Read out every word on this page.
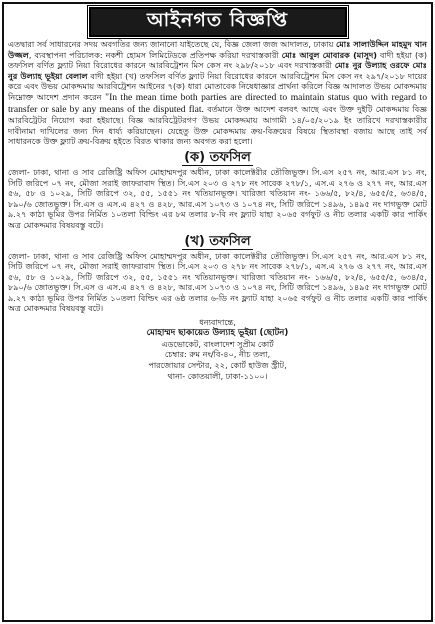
আইনগত বিজ্ঞপ্তি

এতদ্বারা সর্ব সাধারনের সদয় অবগতির জন্য জানানো যাইতেছে যে, বিজ্ঞ জেলা জজ আদালত, ঢাকায় মোঃ সালাউদ্দিন মাহমুদ খান উজ্জল, ব্যবস্থাপনা পরিচালক: নকশী হোমস লিমিটেডকে প্রতিপক্ষ করিয়া দরখাস্তকারী মোঃ আবুল মোবারক (মাসুদ) বাদী হইয়া (ক) তফসিল বর্ণিত ফ্ল্যাট নিয়া বিরোধের কারনে আরবিট্রেশন মিস কেস নং ২৯৮/২০১৮ এবং দরখাস্তকারী মোঃ নুর উল্যাহ ওরফে মোঃ নুর উল্যাহ ভূইয়া বেলাল বাদী হইয়া (খ) তফসিল বর্ণিত ফ্ল্যাট নিয়া বিরোধের কারনে আরবিট্রেশন মিস কেস নং ২৯৭/২০১৮ দায়ের করে এবং উভয় মোকদ্দমায় আরবিট্রেশন আইনের ৭(ক) ধারা মোতাবেক নিষেধাজ্ঞার প্রার্থনা করিলে বিজ্ঞ আদালত উভয় মোকদ্দমায় নিম্নোক্ত আদেশ প্রদান করেন "In the mean time both parties are directed to maintain status quo with regard to transfer or sale by any means of the disputed flat. বর্তমানে উক্ত আদেশ বলবৎ আছে এবং উক্ত দুইটি মোকদ্দমায় বিজ্ঞ আরবিট্রেটর নিয়োগ করা হইয়াছে। বিজ্ঞ আরবিট্রেটরগণ উভয় মোকদ্দমায় আগামী ১৪/০৫/২০১৯ ইং তারিখে দরখাস্তকারীর দাবীনামা দাখিলের জন্য দিন ধার্য্য করিয়াছেন। যেহেতু উক্ত মোকদ্দমায় ক্রয়-বিক্রয়ের বিষয়ে স্থিতাবস্থা বজায় আছে তাই সর্ব সাধারনকে উক্ত ফ্ল্যাট ক্রয়-বিক্রয় হইতে বিরত থাকার জন্য অবগত করা হলো।

(ক) তফসিল

জেলা- ঢাকা, থানা ও সাব রেজিষ্ট্রি অফিস মোহাম্মদপুর অধীন, ঢাকা কালেক্টরীর তৌজিভুক্ত। সি.এস ২৫৭ নং, আর.এস ৮১ নং, সিটি জরিপে ০৭ নং, মৌজা সরাই জাফরাবাদ স্থিত। সি.এস ২০৩ ও ২৭৮ নং সাবেক ২৭৮/১, এস.এ ২৭৬ ও ২৭৭ নং, আর.এস ৫৬, ৫৮ ও ১০২৯, সিটি জরিপে ৩২, ৫৫, ১৫৫১ নং খতিয়ানভূক্ত। খারিজা খতিয়ান নং- ১৬৬/৫, ৮২/৪, ৬৫৫/৫, ৬৩৪/৫, ৮৯০/৬ জোতভুক্ত। সি.এস ও এস.এ ৪২৭ ও ৪২৮, আর.এস ১০৭৩ ও ১০৭৪ নং, সিটি জরিপে ১৪৯৬, ১৪৯৫ নং দাগভুক্ত মোট ৯.২৭ কাঠা ভূমির উপর নির্মিত ১০তলা বিল্ডিং এর ৮ম তলার ৮-বি নং ফ্ল্যাট যাহা ২০৬৫ বর্গফুট ও নীচ তলার একটি কার পার্কিং অত্র মোকদ্দমার বিষয়বস্তু বটে।

(খ) তফসিল

জেলা- ঢাকা, থানা ও সাব রেজিষ্ট্রি অফিস মোহাম্মদপুর অধীন, ঢাকা কালেক্টরীর তৌজিভুক্ত। সি.এস ২৫৭ নং, আর.এস ৮১ নং, সিটি জরিপে ০৭ নং, মৌজা সরাই জাফরাবাদ স্থিত। সি.এস ২০৩ ও ২৭৮ নং সাবেক ২৭৮/১, এস.এ ২৭৬ ও ২৭৭ নং, আর.এস ৫৬, ৫৮ ও ১০২৯, সিটি জরিপে ৩২, ৫৫, ১৫৫১ নং খতিয়ানভূক্ত। খারিজা খতিয়ান নং- ১৬৬/৫, ৮২/৪, ৬৫৫/৫, ৬৩৪/৫, ৮৯০/৬ জোতভুক্ত। সি.এস ও এস.এ ৪২৭ ও ৪২৮, আর.এস ১০৭৩ ও ১০৭৪ নং, সিটি জরিপে ১৪৯৬, ১৪৯৫ নং দাগভুক্ত মোট ৯.২৭ কাঠা ভূমির উপর নির্মিত ১০তলা বিল্ডিং এর ৬ষ্ঠ তলার ৬-ডি নং ফ্ল্যাট যাহা ২০৬৫ বর্গফুট ও নীচ তলার একটি কার পার্কিং অত্র মোকদ্দমার বিষয়বস্তু বটে।

ধন্যবাদান্তে,
মোহাম্মদ ছাকায়েত উল্যাহ ভূইয়া (ছোটন)
এডভোকেট, বাংলাদেশ সুপ্রীম কোর্ট
চেম্বার: রুম নং/বি-৪০, নীচ তলা,
পারজোয়ার সেন্টার, ২২, কোর্ট হাউজ স্ট্রীট,
থানা- কোতয়ালী, ঢাকা-১১০০।
